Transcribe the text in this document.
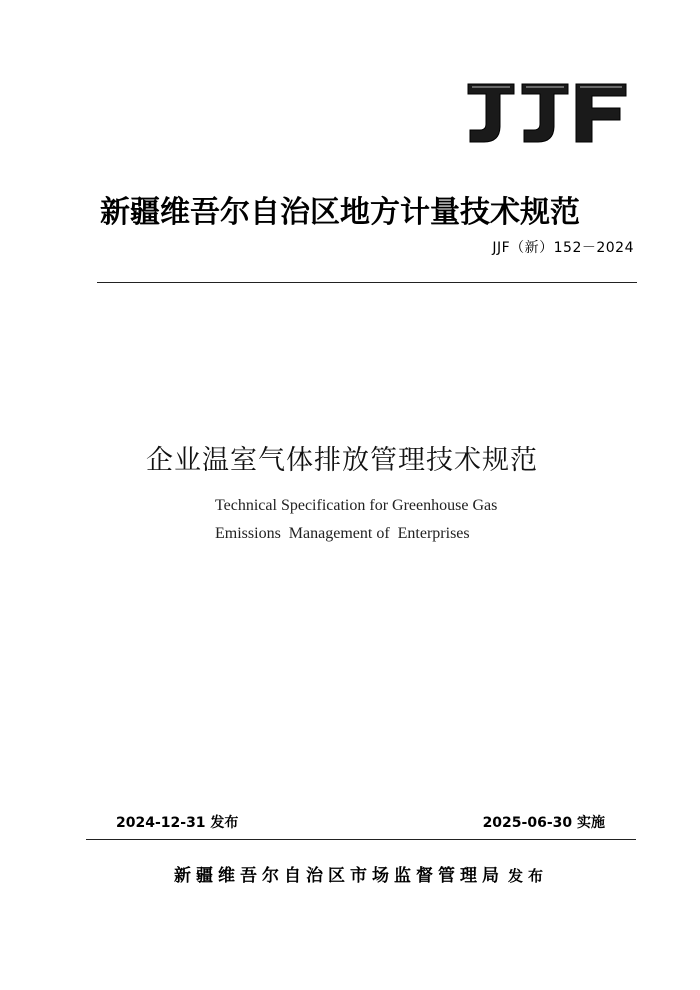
新疆维吾尔自治区地方计量技术规范
JJF（新）152－2024
企业温室气体排放管理技术规范
Technical Specification for Greenhouse Gas
Emissions  Management of  Enterprises
2024-12-31 发布	2025-06-30 实施
新疆维吾尔自治区市场监督管理局 发布
